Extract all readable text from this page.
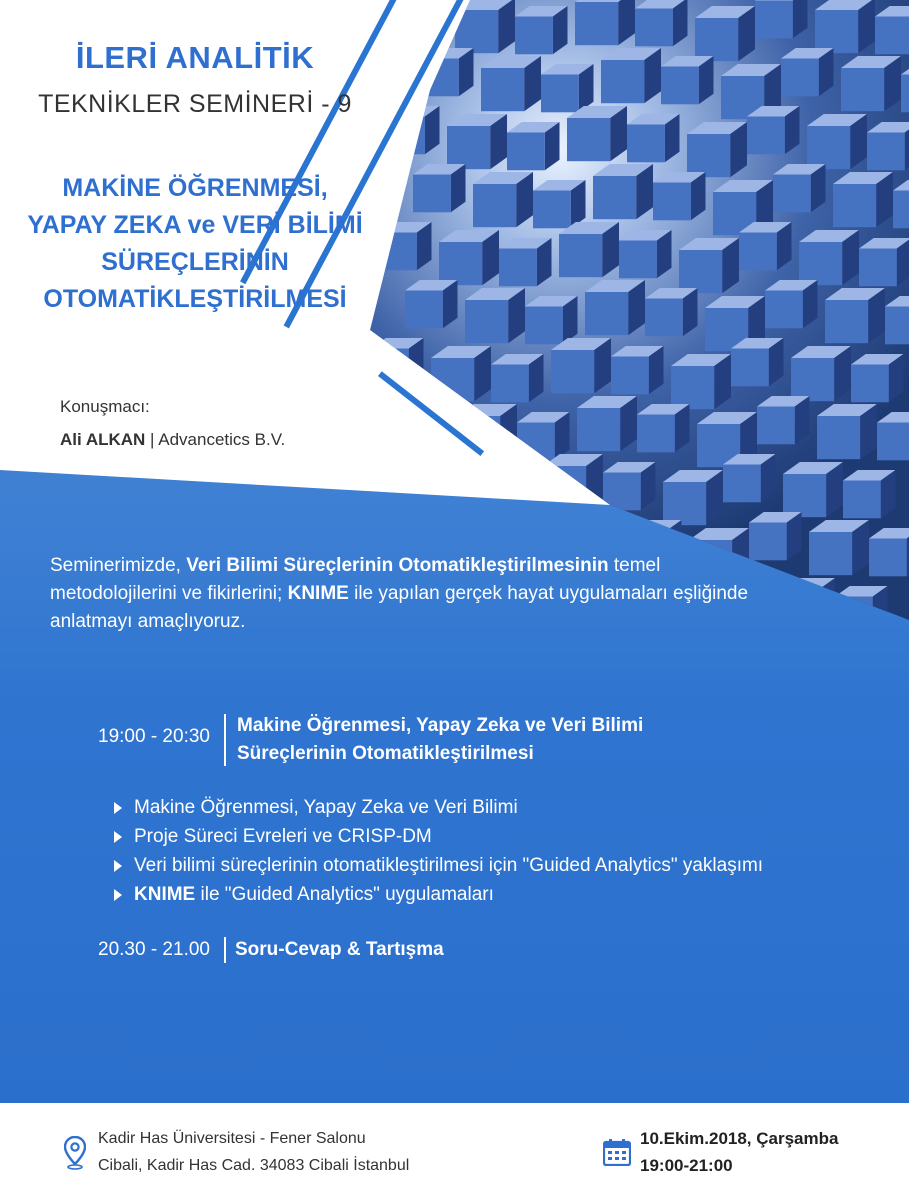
İLERİ ANALİTİK
TEKNİKLER SEMİNERİ - 9
MAKİNE ÖĞRENMESİ,
YAPAY ZEKA ve VERİ BİLİMİ
SÜREÇLERİNİN
OTOMATİKLEŞTİRİLMESİ
Konuşmacı:
Ali ALKAN | Advancetics B.V.
Seminerimizde, Veri Bilimi Süreçlerinin Otomatikleştirilmesinin temel metodolojilerini ve fikirlerini; KNIME ile yapılan gerçek hayat uygulamaları eşliğinde anlatmayı amaçlıyoruz.
19:00 - 20:30
Makine Öğrenmesi, Yapay Zeka ve Veri Bilimi
Süreçlerinin Otomatikleştirilmesi
Makine Öğrenmesi, Yapay Zeka ve Veri Bilimi
Proje Süreci Evreleri ve CRISP-DM
Veri bilimi süreçlerinin otomatikleştirilmesi için "Guided Analytics" yaklaşımı
KNIME ile "Guided Analytics" uygulamaları
20.30 - 21.00 Soru-Cevap & Tartışma
Kadir Has Üniversitesi - Fener Salonu
Cibali, Kadir Has Cad. 34083 Cibali İstanbul
10.Ekim.2018, Çarşamba
19:00-21:00
